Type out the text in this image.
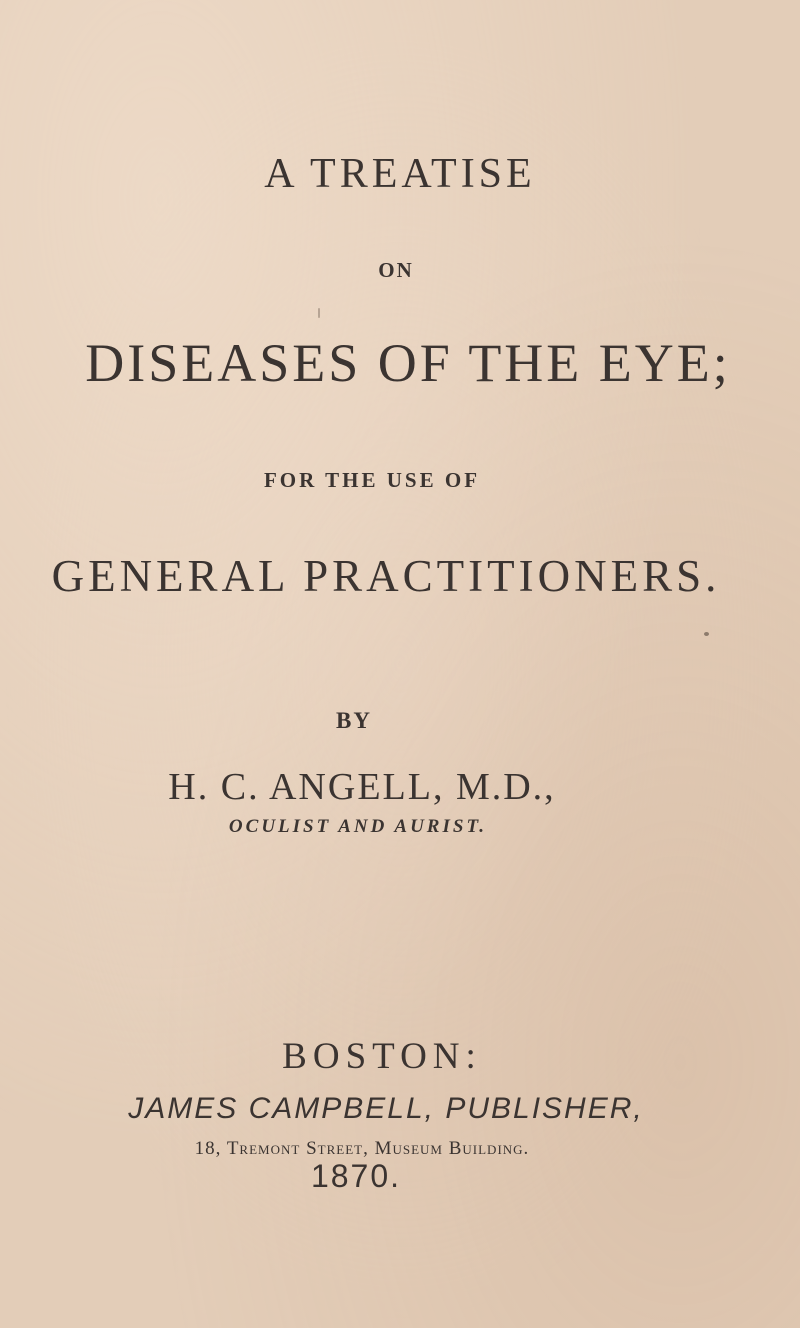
A TREATISE
ON
DISEASES OF THE EYE;
FOR THE USE OF
GENERAL PRACTITIONERS.
BY
H. C. ANGELL, M.D.,
OCULIST AND AURIST.
BOSTON:
JAMES CAMPBELL, PUBLISHER,
18, Tremont Street, Museum Building.
1870.
